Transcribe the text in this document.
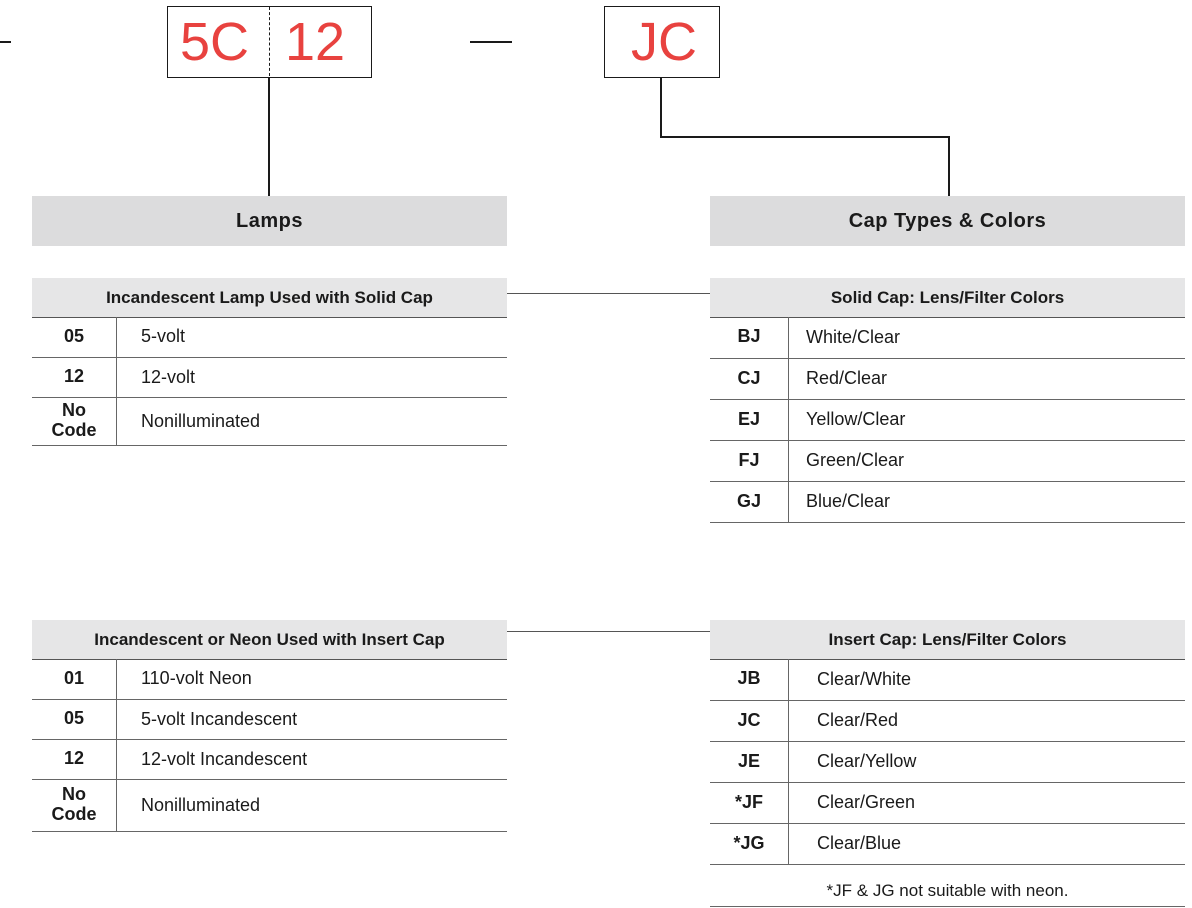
5C 12	JC
Lamps	Cap Types & Colors
Incandescent Lamp Used with Solid Cap
05	5-volt
12	12-volt
No Code	Nonilluminated
Solid Cap: Lens/Filter Colors
BJ	White/Clear
CJ	Red/Clear
EJ	Yellow/Clear
FJ	Green/Clear
GJ	Blue/Clear
Incandescent or Neon Used with Insert Cap
01	110-volt Neon
05	5-volt Incandescent
12	12-volt Incandescent
No Code	Nonilluminated
Insert Cap: Lens/Filter Colors
JB	Clear/White
JC	Clear/Red
JE	Clear/Yellow
*JF	Clear/Green
*JG	Clear/Blue
*JF & JG not suitable with neon.
